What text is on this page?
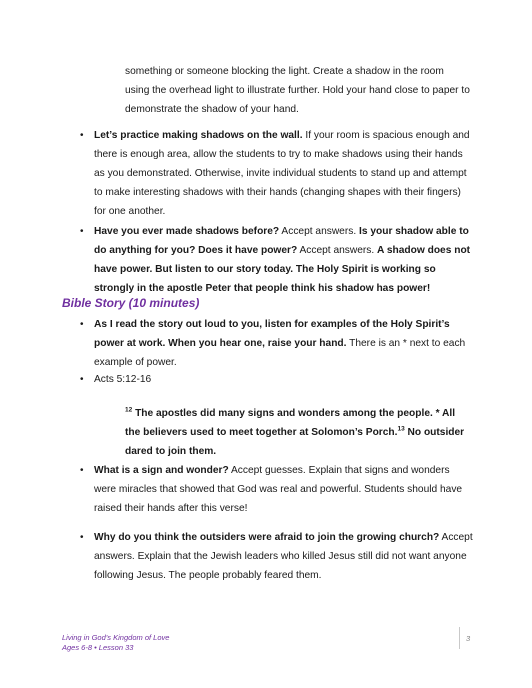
something or someone blocking the light. Create a shadow in the room using the overhead light to illustrate further. Hold your hand close to paper to demonstrate the shadow of your hand.
• Let’s practice making shadows on the wall. If your room is spacious enough and there is enough area, allow the students to try to make shadows using their hands as you demonstrated. Otherwise, invite individual students to stand up and attempt to make interesting shadows with their hands (changing shapes with their fingers) for one another.
• Have you ever made shadows before? Accept answers. Is your shadow able to do anything for you? Does it have power? Accept answers. A shadow does not have power. But listen to our story today. The Holy Spirit is working so strongly in the apostle Peter that people think his shadow has power!
Bible Story (10 minutes)
• As I read the story out loud to you, listen for examples of the Holy Spirit’s power at work. When you hear one, raise your hand. There is an * next to each example of power.
• Acts 5:12-16
$^{12}$ The apostles did many signs and wonders among the people. * All the believers used to meet together at Solomon’s Porch.$^{13}$ No outsider dared to join them.
• What is a sign and wonder? Accept guesses. Explain that signs and wonders were miracles that showed that God was real and powerful. Students should have raised their hands after this verse!
• Why do you think the outsiders were afraid to join the growing church? Accept answers. Explain that the Jewish leaders who killed Jesus still did not want anyone following Jesus. The people probably feared them.
Living in God’s Kingdom of Love
Ages 6-8 • Lesson 33
3
